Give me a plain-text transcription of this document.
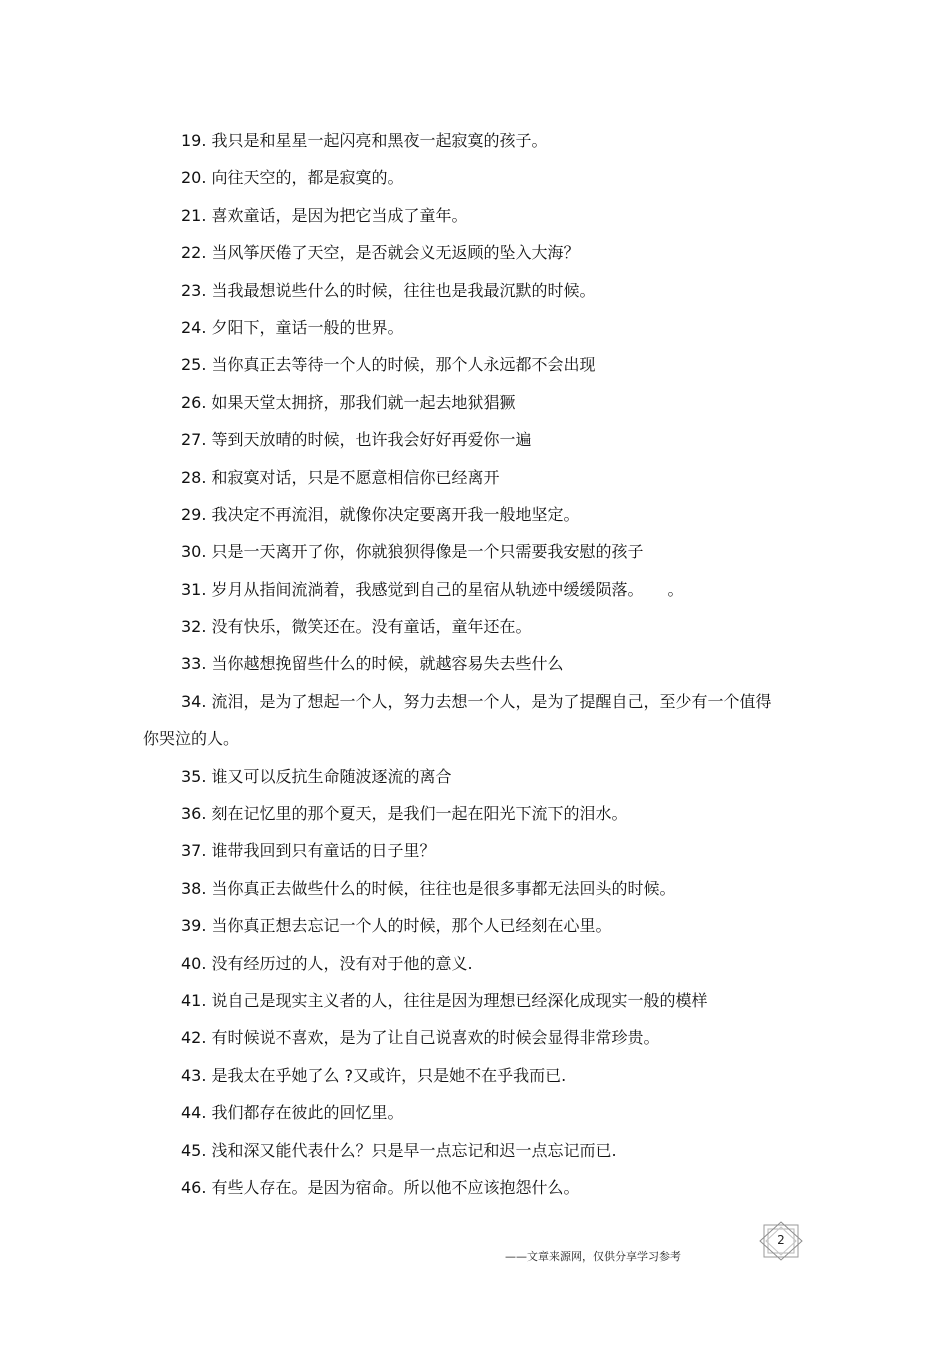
19. 我只是和星星一起闪亮和黑夜一起寂寞的孩子。
20. 向往天空的，都是寂寞的。
21. 喜欢童话，是因为把它当成了童年。
22. 当风筝厌倦了天空，是否就会义无返顾的坠入大海？
23. 当我最想说些什么的时候，往往也是我最沉默的时候。
24. 夕阳下，童话一般的世界。
25. 当你真正去等待一个人的时候，那个人永远都不会出现
26. 如果天堂太拥挤，那我们就一起去地狱猖獗
27. 等到天放晴的时候，也许我会好好再爱你一遍
28. 和寂寞对话，只是不愿意相信你已经离开
29. 我决定不再流泪，就像你决定要离开我一般地坚定。
30. 只是一天离开了你，你就狼狈得像是一个只需要我安慰的孩子
31. 岁月从指间流淌着，我感觉到自己的星宿从轨迹中缓缓陨落。　　。
32. 没有快乐，微笑还在。没有童话，童年还在。
33. 当你越想挽留些什么的时候，就越容易失去些什么
34. 流泪，是为了想起一个人，努力去想一个人，是为了提醒自己，至少有一个值得你哭泣的人。
35. 谁又可以反抗生命随波逐流的离合
36. 刻在记忆里的那个夏天，是我们一起在阳光下流下的泪水。
37. 谁带我回到只有童话的日子里？
38. 当你真正去做些什么的时候，往往也是很多事都无法回头的时候。
39. 当你真正想去忘记一个人的时候，那个人已经刻在心里。
40. 没有经历过的人，没有对于他的意义.
41. 说自己是现实主义者的人，往往是因为理想已经深化成现实一般的模样
42. 有时候说不喜欢，是为了让自己说喜欢的时候会显得非常珍贵。
43. 是我太在乎她了么 ?又或许，只是她不在乎我而已.
44. 我们都存在彼此的回忆里。
45. 浅和深又能代表什么？只是早一点忘记和迟一点忘记而已.
46. 有些人存在。是因为宿命。所以他不应该抱怨什么。
——文章来源网，仅供分享学习参考
2
